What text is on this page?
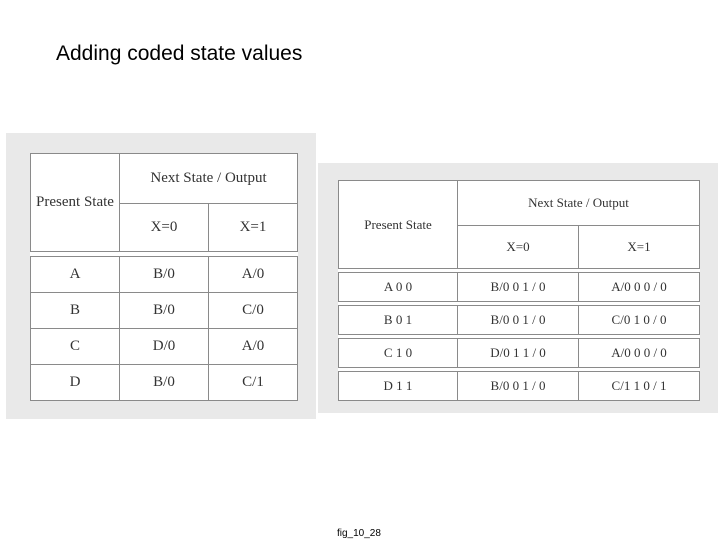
Adding coded state values
Present State	Next State / Output	
	X=0	X=1

A	B/0	A/0
B	B/0	C/0
C	D/0	A/0
D	B/0	C/1
Present State	Next State / Output	
	X=0	X=1

A 0 0	B/0 0 1 / 0	A/0 0 0 / 0

B 0 1	B/0 0 1 / 0	C/0 1 0 / 0

C 1 0	D/0 1 1 / 0	A/0 0 0 / 0

D 1 1	B/0 0 1 / 0	C/1 1 0 / 1
fig_10_28
